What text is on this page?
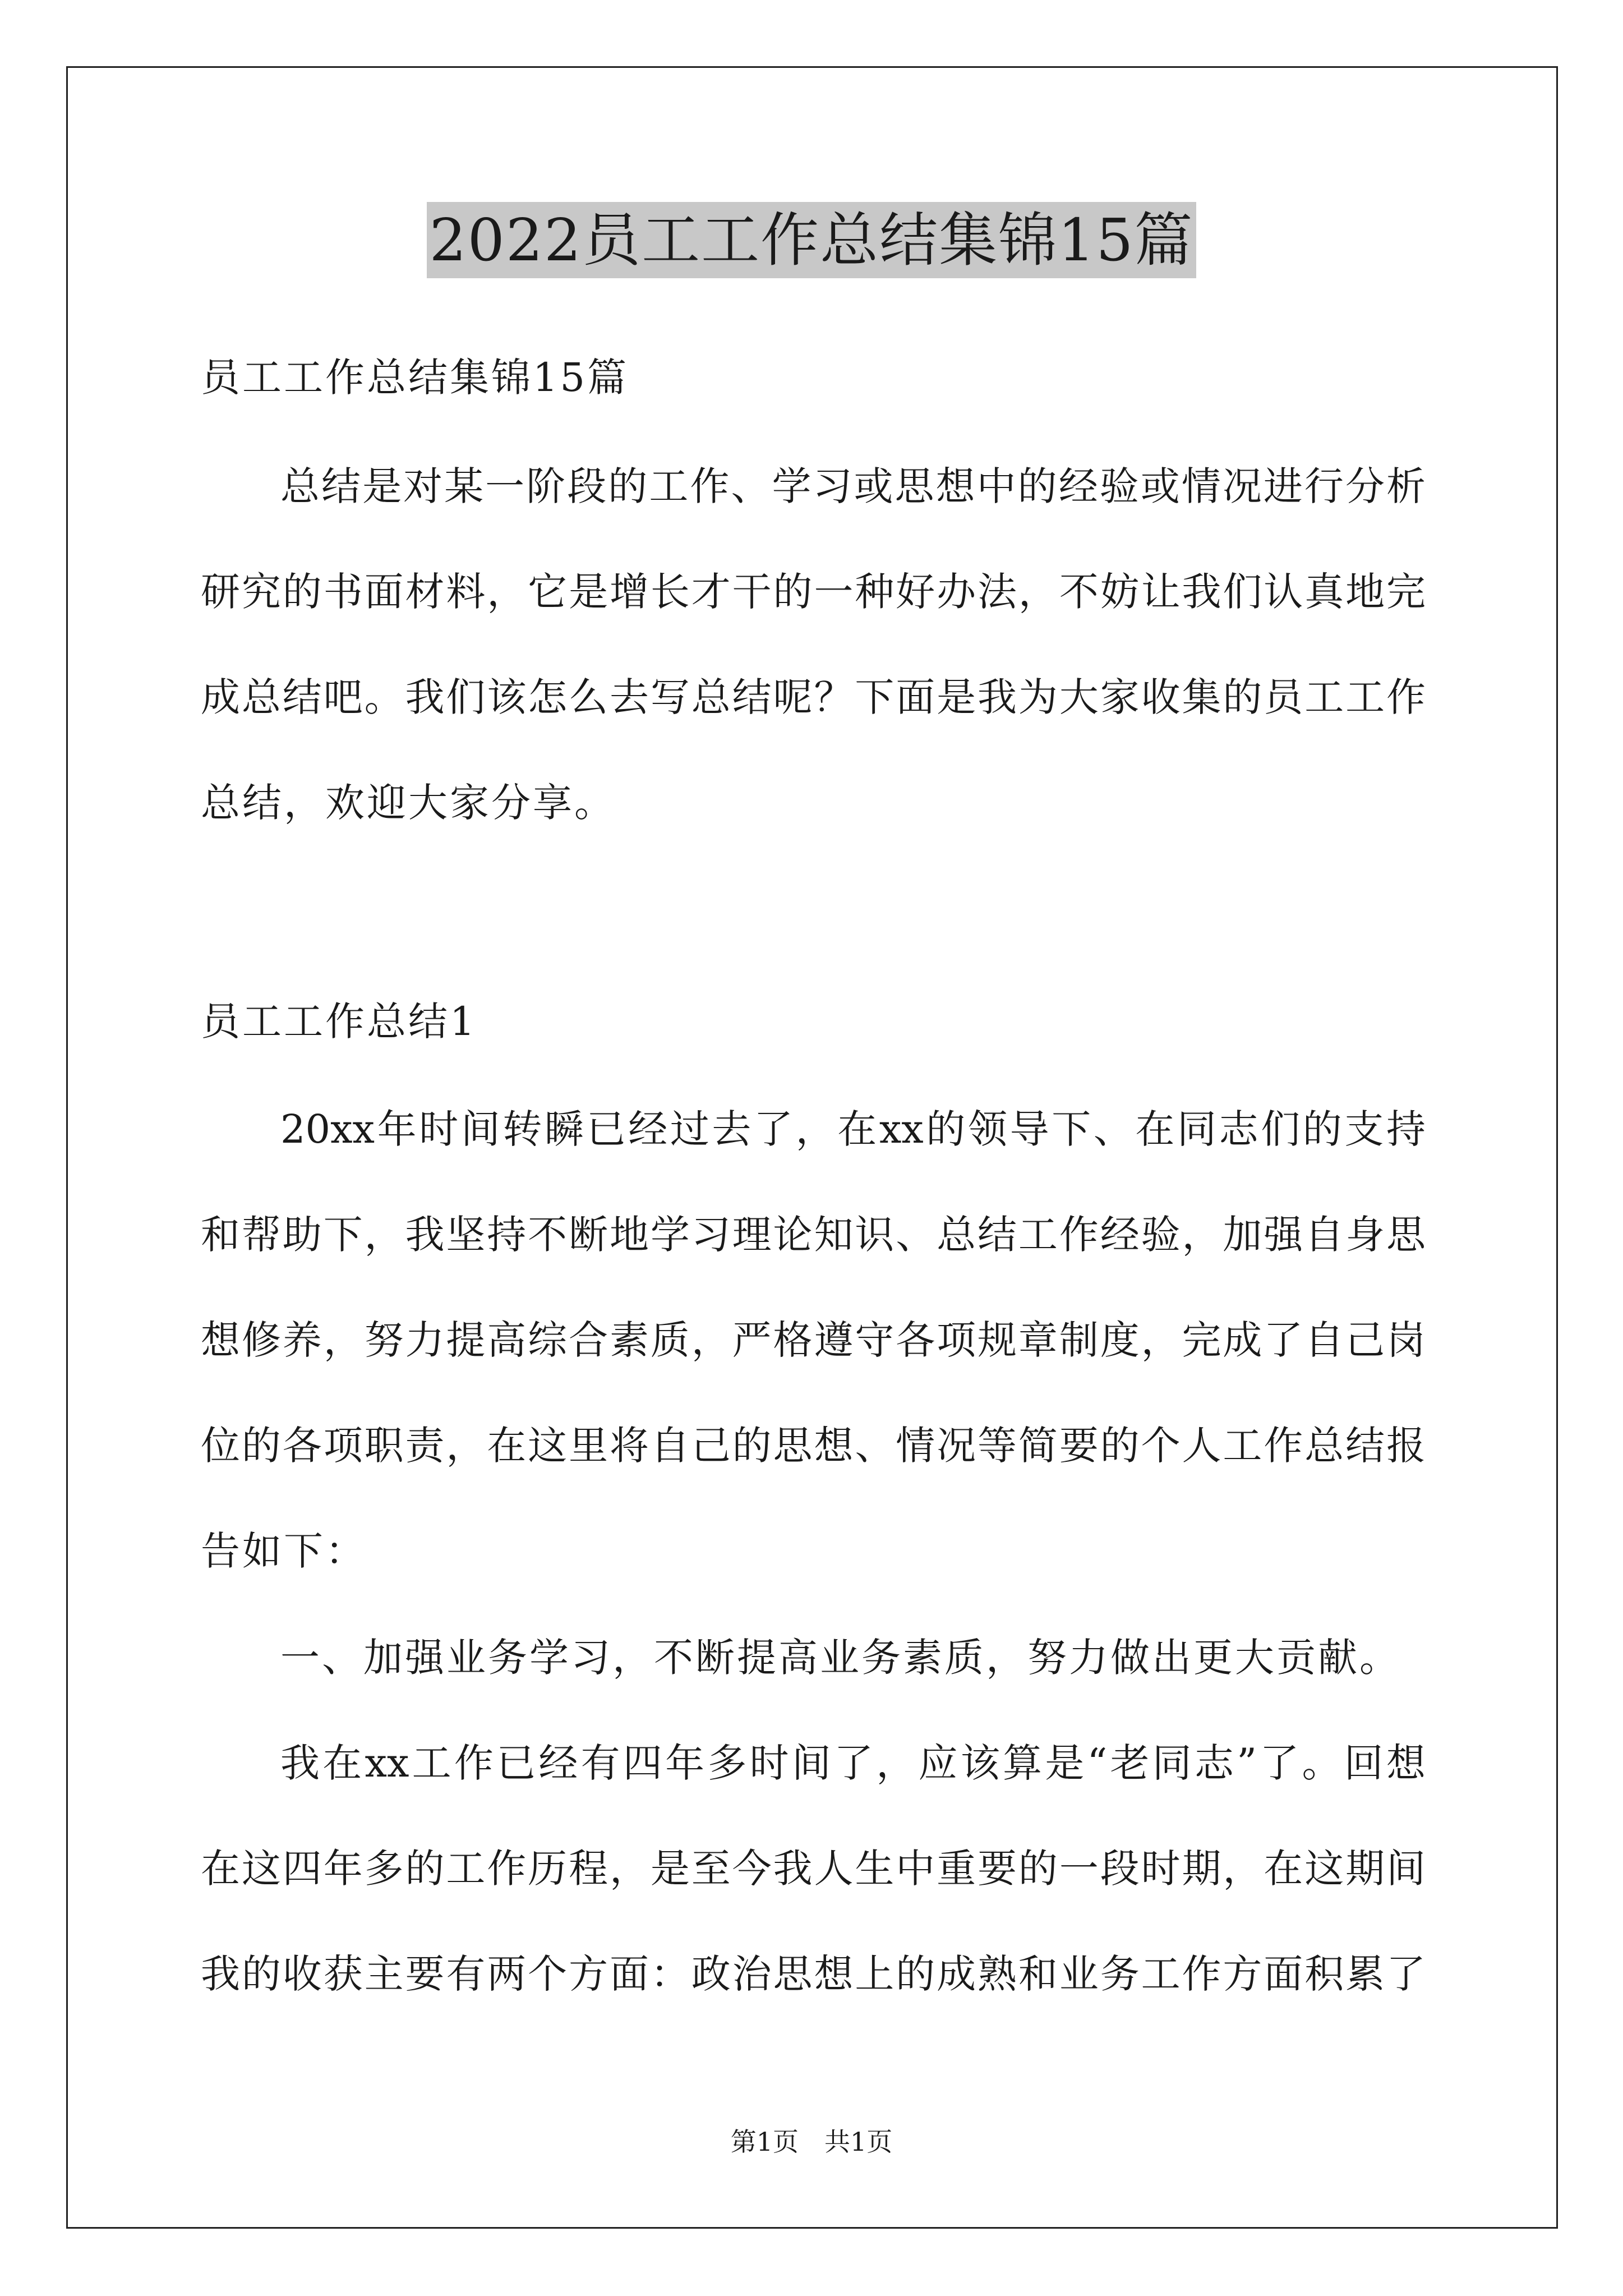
2022员工工作总结集锦15篇
员工工作总结集锦15篇
总结是对某一阶段的工作、学习或思想中的经验或情况进行分析
研究的书面材料，它是增长才干的一种好办法，不妨让我们认真地完
成总结吧。我们该怎么去写总结呢？下面是我为大家收集的员工工作
总结，欢迎大家分享。
员工工作总结1
20xx年时间转瞬已经过去了，在xx的领导下、在同志们的支持
和帮助下，我坚持不断地学习理论知识、总结工作经验，加强自身思
想修养，努力提高综合素质，严格遵守各项规章制度，完成了自己岗
位的各项职责，在这里将自己的思想、情况等简要的个人工作总结报
告如下：
一、加强业务学习，不断提高业务素质，努力做出更大贡献。
我在xx工作已经有四年多时间了，应该算是“老同志”了。回想
在这四年多的工作历程，是至今我人生中重要的一段时期，在这期间
我的收获主要有两个方面：政治思想上的成熟和业务工作方面积累了
第1页　共1页
